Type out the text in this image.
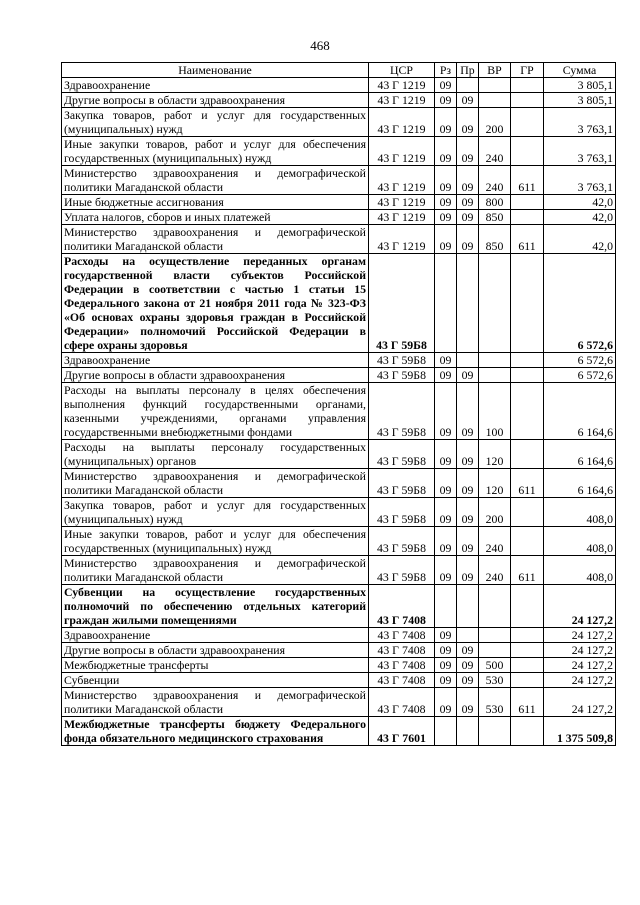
468
Наименование	ЦСР	Рз	Пр	ВР	ГР	Сумма
Здравоохранение	43 Г 1219	09				3 805,1
Другие вопросы в области здравоохранения	43 Г 1219	09	09			3 805,1
Закупка товаров, работ и услуг для государственных (муниципальных) нужд	43 Г 1219	09	09	200		3 763,1
Иные закупки товаров, работ и услуг для обеспечения государственных (муниципальных) нужд	43 Г 1219	09	09	240		3 763,1
Министерство здравоохранения и демографической политики Магаданской области	43 Г 1219	09	09	240	611	3 763,1
Иные бюджетные ассигнования	43 Г 1219	09	09	800		42,0
Уплата налогов, сборов и иных платежей	43 Г 1219	09	09	850		42,0
Министерство здравоохранения и демографической политики Магаданской области	43 Г 1219	09	09	850	611	42,0
Расходы на осуществление переданных органам государственной власти субъектов Российской Федерации в соответствии с частью 1 статьи 15 Федерального закона от 21 ноября 2011 года № 323-ФЗ «Об основах охраны здоровья граждан в Российской Федерации» полномочий Российской Федерации в сфере охраны здоровья	43 Г 59Б8					6 572,6
Здравоохранение	43 Г 59Б8	09				6 572,6
Другие вопросы в области здравоохранения	43 Г 59Б8	09	09			6 572,6
Расходы на выплаты персоналу в целях обеспечения выполнения функций государственными органами, казенными учреждениями, органами управления государственными внебюджетными фондами	43 Г 59Б8	09	09	100		6 164,6
Расходы на выплаты персоналу государственных (муниципальных) органов	43 Г 59Б8	09	09	120		6 164,6
Министерство здравоохранения и демографической политики Магаданской области	43 Г 59Б8	09	09	120	611	6 164,6
Закупка товаров, работ и услуг для государственных (муниципальных) нужд	43 Г 59Б8	09	09	200		408,0
Иные закупки товаров, работ и услуг для обеспечения государственных (муниципальных) нужд	43 Г 59Б8	09	09	240		408,0
Министерство здравоохранения и демографической политики Магаданской области	43 Г 59Б8	09	09	240	611	408,0
Субвенции на осуществление государственных полномочий по обеспечению отдельных категорий граждан жилыми помещениями	43 Г 7408					24 127,2
Здравоохранение	43 Г 7408	09				24 127,2
Другие вопросы в области здравоохранения	43 Г 7408	09	09			24 127,2
Межбюджетные трансферты	43 Г 7408	09	09	500		24 127,2
Субвенции	43 Г 7408	09	09	530		24 127,2
Министерство здравоохранения и демографической политики Магаданской области	43 Г 7408	09	09	530	611	24 127,2
Межбюджетные трансферты бюджету Федерального фонда обязательного медицинского страхования	43 Г 7601					1 375 509,8
